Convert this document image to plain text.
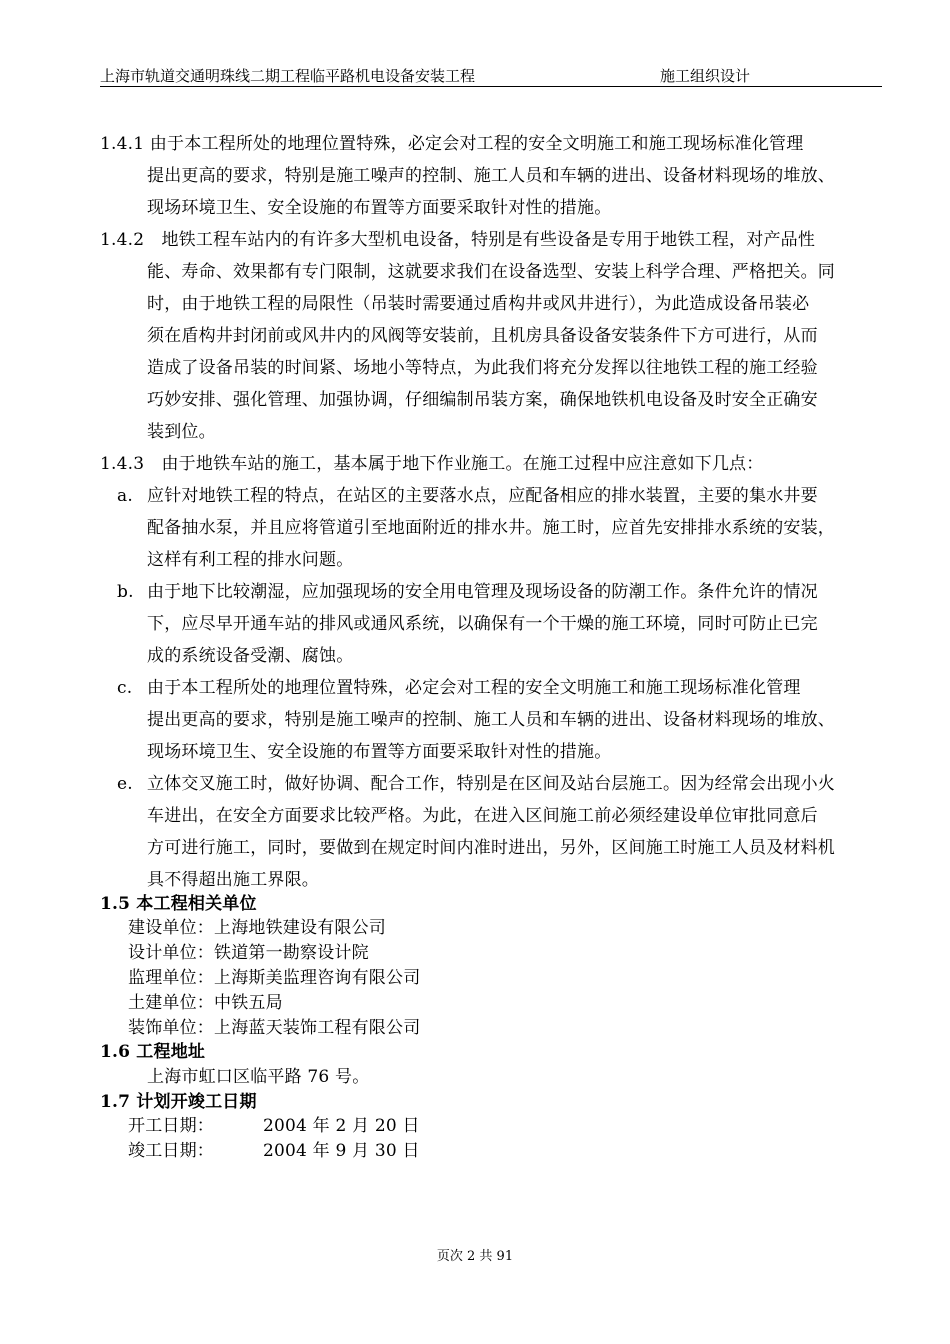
上海市轨道交通明珠线二期工程临平路机电设备安装工程	施工组织设计
1.4.1 由于本工程所处的地理位置特殊，必定会对工程的安全文明施工和施工现场标准化管理
提出更高的要求，特别是施工噪声的控制、施工人员和车辆的进出、设备材料现场的堆放、
现场环境卫生、安全设施的布置等方面要采取针对性的措施。
1.4.2　地铁工程车站内的有许多大型机电设备，特别是有些设备是专用于地铁工程，对产品性
能、寿命、效果都有专门限制，这就要求我们在设备选型、安装上科学合理、严格把关。同
时，由于地铁工程的局限性（吊装时需要通过盾构井或风井进行），为此造成设备吊装必
须在盾构井封闭前或风井内的风阀等安装前，且机房具备设备安装条件下方可进行，从而
造成了设备吊装的时间紧、场地小等特点，为此我们将充分发挥以往地铁工程的施工经验
巧妙安排、强化管理、加强协调，仔细编制吊装方案，确保地铁机电设备及时安全正确安
装到位。
1.4.3　由于地铁车站的施工，基本属于地下作业施工。在施工过程中应注意如下几点：
a. 应针对地铁工程的特点，在站区的主要落水点，应配备相应的排水装置，主要的集水井要
配备抽水泵，并且应将管道引至地面附近的排水井。施工时，应首先安排排水系统的安装，
这样有利工程的排水问题。
b. 由于地下比较潮湿，应加强现场的安全用电管理及现场设备的防潮工作。条件允许的情况
下，应尽早开通车站的排风或通风系统，以确保有一个干燥的施工环境，同时可防止已完
成的系统设备受潮、腐蚀。
c. 由于本工程所处的地理位置特殊，必定会对工程的安全文明施工和施工现场标准化管理
提出更高的要求，特别是施工噪声的控制、施工人员和车辆的进出、设备材料现场的堆放、
现场环境卫生、安全设施的布置等方面要采取针对性的措施。
e. 立体交叉施工时，做好协调、配合工作，特别是在区间及站台层施工。因为经常会出现小火
车进出，在安全方面要求比较严格。为此，在进入区间施工前必须经建设单位审批同意后
方可进行施工，同时，要做到在规定时间内准时进出，另外，区间施工时施工人员及材料机
具不得超出施工界限。
1.5 本工程相关单位
建设单位：上海地铁建设有限公司
设计单位：铁道第一勘察设计院
监理单位：上海斯美监理咨询有限公司
土建单位：中铁五局
装饰单位：上海蓝天装饰工程有限公司
1.6 工程地址
上海市虹口区临平路 76 号。
1.7 计划开竣工日期
开工日期：	2004 年 2 月 20 日
竣工日期：	2004 年 9 月 30 日
页次 2 共 91
